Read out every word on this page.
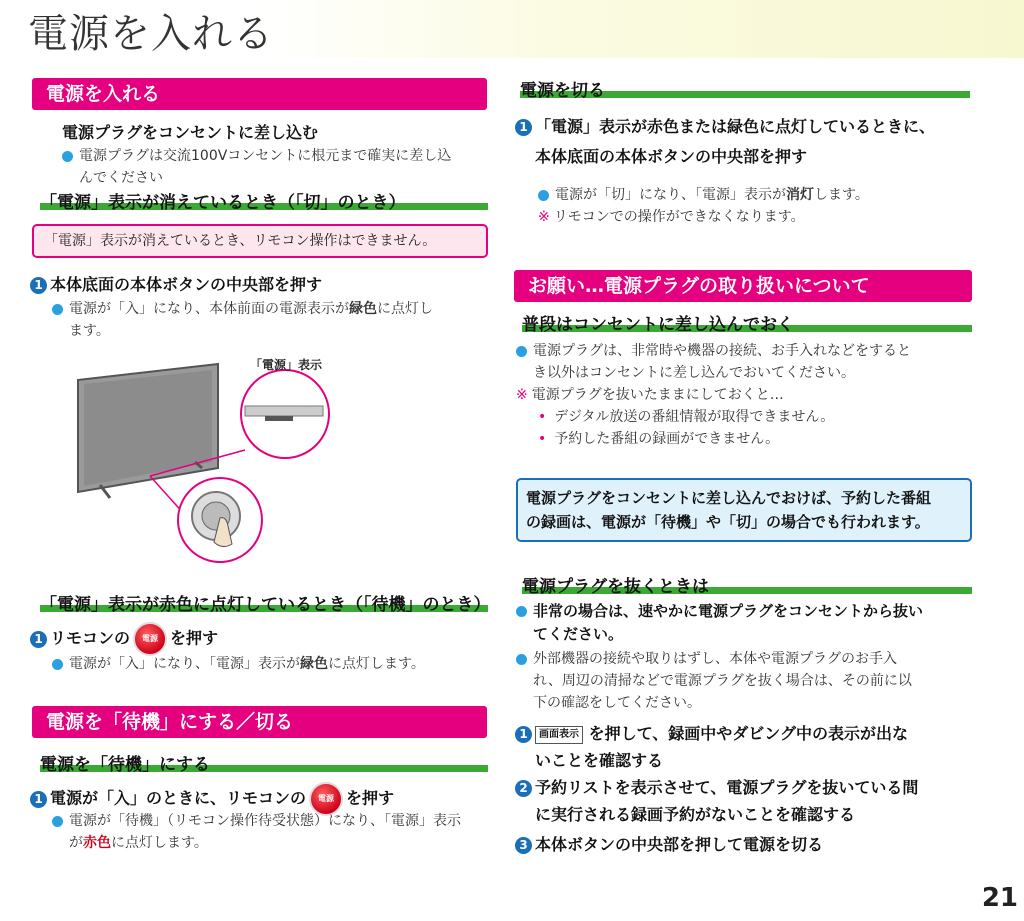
電源を入れる
電源を入れる
電源プラグをコンセントに差し込む
電源プラグは交流100Vコンセントに根元まで確実に差し込
んでください
「電源」表示が消えているとき（「切」のとき）
「電源」表示が消えているとき、リモコン操作はできません。
1 本体底面の本体ボタンの中央部を押す
電源が「入」になり、本体前面の電源表示が緑色に点灯し
ます。
「電源」表示
「電源」表示が赤色に点灯しているとき（「待機」のとき）
1 リモコンの 電源 を押す
電源が「入」になり、「電源」表示が緑色に点灯します。
電源を「待機」にする／切る
電源を「待機」にする
1 電源が「入」のときに、リモコンの 電源 を押す
電源が「待機」（リモコン操作待受状態）になり、「電源」表示
が赤色に点灯します。
電源を切る
1 「電源」表示が赤色または緑色に点灯しているときに、
本体底面の本体ボタンの中央部を押す
電源が「切」になり、「電源」表示が消灯します。
※ リモコンでの操作ができなくなります。
お願い…電源プラグの取り扱いについて
普段はコンセントに差し込んでおく
電源プラグは、非常時や機器の接続、お手入れなどをすると
き以外はコンセントに差し込んでおいてください。
※ 電源プラグを抜いたままにしておくと…
• デジタル放送の番組情報が取得できません。
• 予約した番組の録画ができません。
電源プラグをコンセントに差し込んでおけば、予約した番組
の録画は、電源が「待機」や「切」の場合でも行われます。
電源プラグを抜くときは
非常の場合は、速やかに電源プラグをコンセントから抜い
てください。
外部機器の接続や取りはずし、本体や電源プラグのお手入
れ、周辺の清掃などで電源プラグを抜く場合は、その前に以
下の確認をしてください。
1 画面表示 を押して、録画中やダビング中の表示が出な
いことを確認する
2 予約リストを表示させて、電源プラグを抜いている間
に実行される録画予約がないことを確認する
3 本体ボタンの中央部を押して電源を切る
21
